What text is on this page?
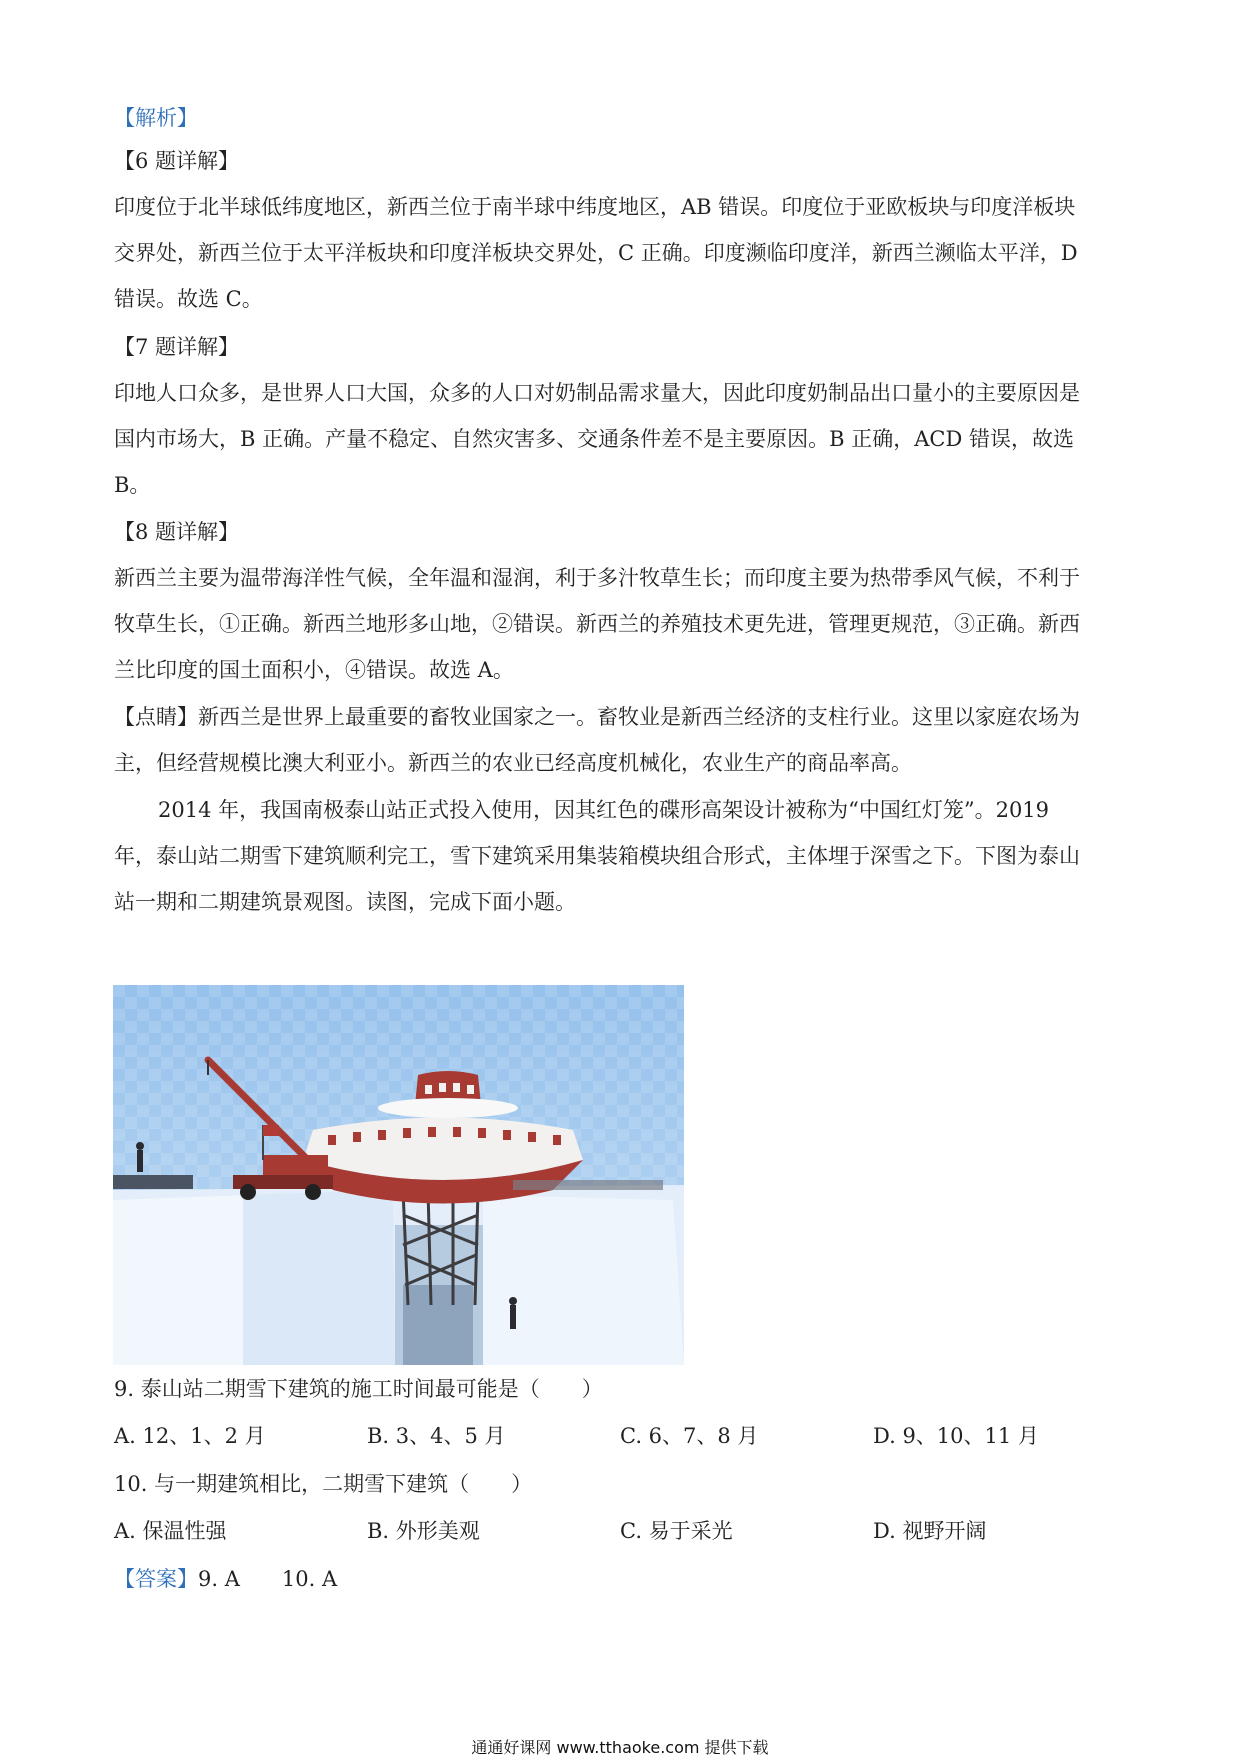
【解析】
【6 题详解】
印度位于北半球低纬度地区，新西兰位于南半球中纬度地区，AB 错误。印度位于亚欧板块与印度洋板块
交界处，新西兰位于太平洋板块和印度洋板块交界处，C 正确。印度濒临印度洋，新西兰濒临太平洋，D
错误。故选 C。
【7 题详解】
印地人口众多，是世界人口大国，众多的人口对奶制品需求量大，因此印度奶制品出口量小的主要原因是
国内市场大，B 正确。产量不稳定、自然灾害多、交通条件差不是主要原因。B 正确，ACD 错误，故选
B。
【8 题详解】
新西兰主要为温带海洋性气候，全年温和湿润，利于多汁牧草生长；而印度主要为热带季风气候，不利于
牧草生长，①正确。新西兰地形多山地，②错误。新西兰的养殖技术更先进，管理更规范，③正确。新西
兰比印度的国土面积小，④错误。故选 A。
【点睛】新西兰是世界上最重要的畜牧业国家之一。畜牧业是新西兰经济的支柱行业。这里以家庭农场为
主，但经营规模比澳大利亚小。新西兰的农业已经高度机械化，农业生产的商品率高。
2014 年，我国南极泰山站正式投入使用，因其红色的碟形高架设计被称为“中国红灯笼”。2019
年，泰山站二期雪下建筑顺利完工，雪下建筑采用集装箱模块组合形式，主体埋于深雪之下。下图为泰山
站一期和二期建筑景观图。读图，完成下面小题。
9. 泰山站二期雪下建筑的施工时间最可能是（　　）
A. 12、1、2 月	B. 3、4、5 月	C. 6、7、8 月	D. 9、10、11 月
10. 与一期建筑相比，二期雪下建筑（　　）
A. 保温性强	B. 外形美观	C. 易于采光	D. 视野开阔
【答案】9. A　　10. A
通通好课网 www.tthaoke.com 提供下载
